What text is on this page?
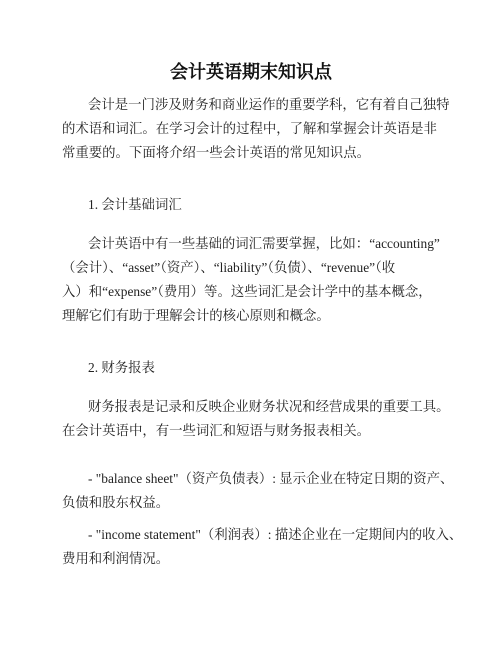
会计英语期末知识点

会计是一门涉及财务和商业运作的重要学科，它有着自己独特
的术语和词汇。在学习会计的过程中，了解和掌握会计英语是非
常重要的。下面将介绍一些会计英语的常见知识点。

1. 会计基础词汇

会计英语中有一些基础的词汇需要掌握，比如：“accounting”
（会计）、“asset”（资产）、“liability”（负债）、“revenue”（收
入）和“expense”（费用）等。这些词汇是会计学中的基本概念，
理解它们有助于理解会计的核心原则和概念。

2. 财务报表

财务报表是记录和反映企业财务状况和经营成果的重要工具。
在会计英语中，有一些词汇和短语与财务报表相关。

- "balance sheet"（资产负债表）: 显示企业在特定日期的资产、
负债和股东权益。

- "income statement"（利润表）: 描述企业在一定期间内的收入、
费用和利润情况。
